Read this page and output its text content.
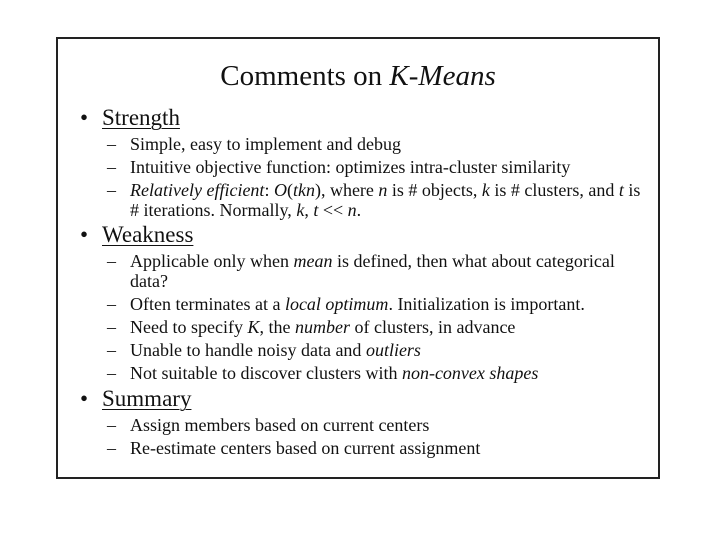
Comments on K-Means
• Strength
– Simple, easy to implement and debug
– Intuitive objective function: optimizes intra-cluster similarity
– Relatively efficient: O(tkn), where n is # objects, k is # clusters, and t is # iterations. Normally, k, t << n.
• Weakness
– Applicable only when mean is defined, then what about categorical data?
– Often terminates at a local optimum. Initialization is important.
– Need to specify K, the number of clusters, in advance
– Unable to handle noisy data and outliers
– Not suitable to discover clusters with non-convex shapes
• Summary
– Assign members based on current centers
– Re-estimate centers based on current assignment
